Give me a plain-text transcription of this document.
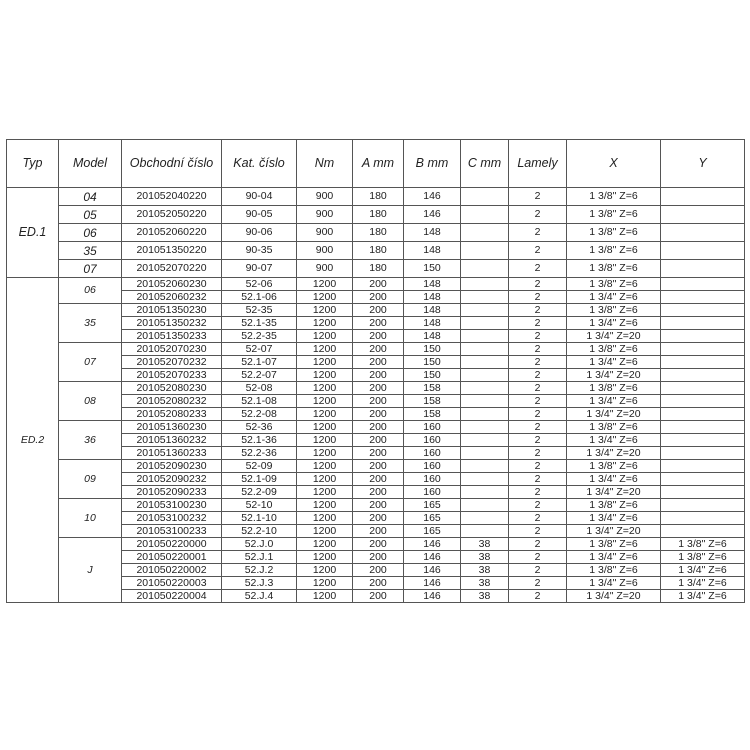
Typ	Model	Obchodní číslo	Kat. číslo	Nm	A mm	B mm	C mm	Lamely	X	Y
ED.1	04	201052040220	90-04	900	180	146		2	1 3/8" Z=6	
	05	201052050220	90-05	900	180	146		2	1 3/8" Z=6	
	06	201052060220	90-06	900	180	148		2	1 3/8" Z=6	
	35	201051350220	90-35	900	180	148		2	1 3/8" Z=6	
	07	201052070220	90-07	900	180	150		2	1 3/8" Z=6	
ED.2	06	201052060230	52-06	1200	200	148		2	1 3/8" Z=6	
		201052060232	52.1-06	1200	200	148		2	1 3/4" Z=6	
	35	201051350230	52-35	1200	200	148		2	1 3/8" Z=6	
		201051350232	52.1-35	1200	200	148		2	1 3/4" Z=6	
		201051350233	52.2-35	1200	200	148		2	1 3/4" Z=20	
	07	201052070230	52-07	1200	200	150		2	1 3/8" Z=6	
		201052070232	52.1-07	1200	200	150		2	1 3/4" Z=6	
		201052070233	52.2-07	1200	200	150		2	1 3/4" Z=20	
	08	201052080230	52-08	1200	200	158		2	1 3/8" Z=6	
		201052080232	52.1-08	1200	200	158		2	1 3/4" Z=6	
		201052080233	52.2-08	1200	200	158		2	1 3/4" Z=20	
	36	201051360230	52-36	1200	200	160		2	1 3/8" Z=6	
		201051360232	52.1-36	1200	200	160		2	1 3/4" Z=6	
		201051360233	52.2-36	1200	200	160		2	1 3/4" Z=20	
	09	201052090230	52-09	1200	200	160		2	1 3/8" Z=6	
		201052090232	52.1-09	1200	200	160		2	1 3/4" Z=6	
		201052090233	52.2-09	1200	200	160		2	1 3/4" Z=20	
	10	201053100230	52-10	1200	200	165		2	1 3/8" Z=6	
		201053100232	52.1-10	1200	200	165		2	1 3/4" Z=6	
		201053100233	52.2-10	1200	200	165		2	1 3/4" Z=20	
	J	201050220000	52.J.0	1200	200	146	38	2	1 3/8" Z=6	1 3/8" Z=6
		201050220001	52.J.1	1200	200	146	38	2	1 3/4" Z=6	1 3/8" Z=6
		201050220002	52.J.2	1200	200	146	38	2	1 3/8" Z=6	1 3/4" Z=6
		201050220003	52.J.3	1200	200	146	38	2	1 3/4" Z=6	1 3/4" Z=6
		201050220004	52.J.4	1200	200	146	38	2	1 3/4" Z=20	1 3/4" Z=6
